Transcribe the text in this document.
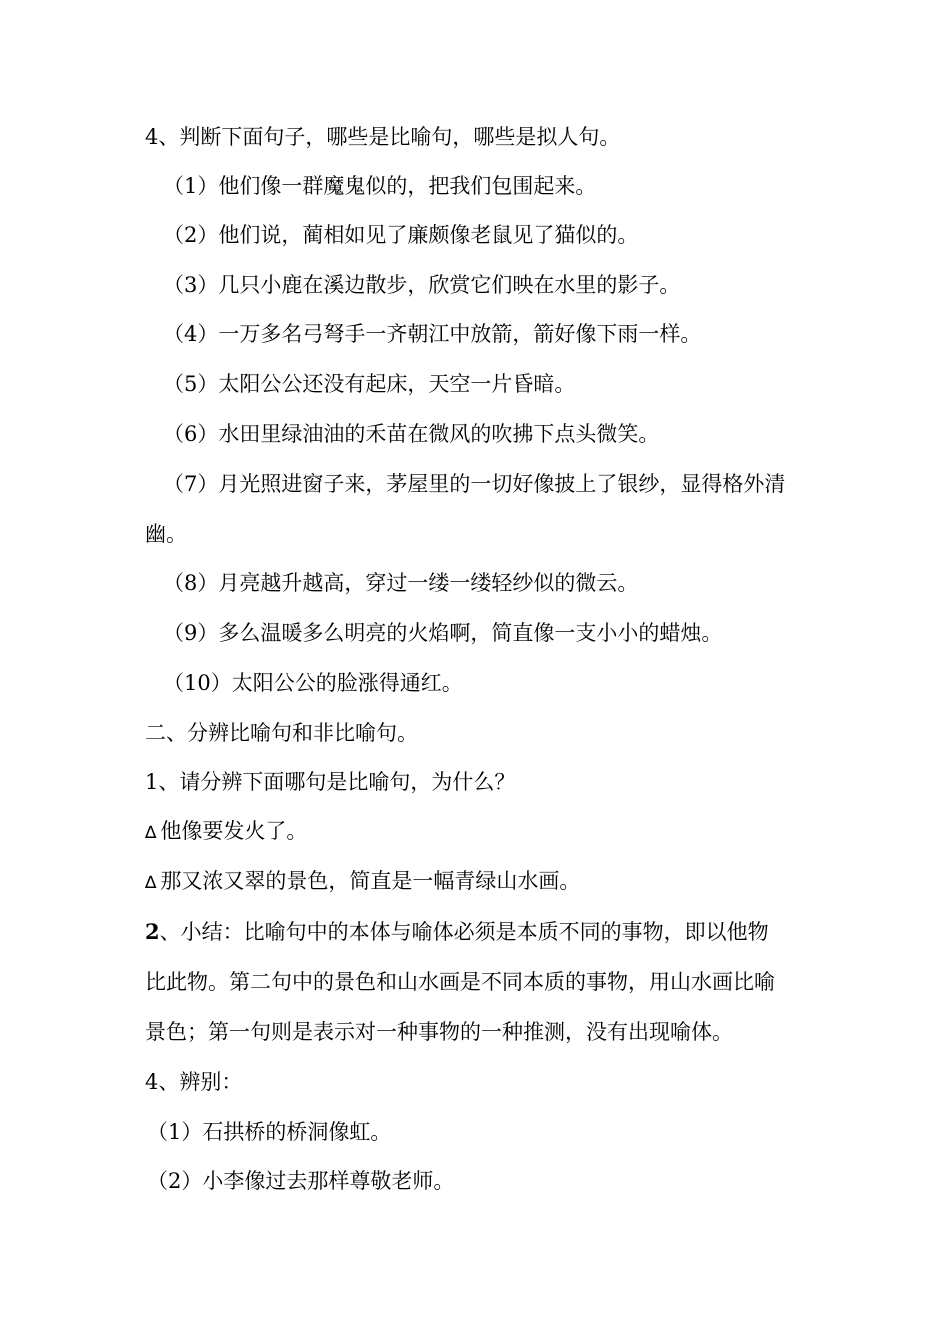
4、判断下面句子，哪些是比喻句，哪些是拟人句。
（1）他们像一群魔鬼似的，把我们包围起来。
（2）他们说，蔺相如见了廉颇像老鼠见了猫似的。
（3）几只小鹿在溪边散步，欣赏它们映在水里的影子。
（4）一万多名弓弩手一齐朝江中放箭，箭好像下雨一样。
（5）太阳公公还没有起床，天空一片昏暗。
（6）水田里绿油油的禾苗在微风的吹拂下点头微笑。
（7）月光照进窗子来，茅屋里的一切好像披上了银纱，显得格外清
幽。
（8）月亮越升越高，穿过一缕一缕轻纱似的微云。
（9）多么温暖多么明亮的火焰啊，简直像一支小小的蜡烛。
（10）太阳公公的脸涨得通红。
二、分辨比喻句和非比喻句。
1、请分辨下面哪句是比喻句，为什么？
∆ 他像要发火了。
∆ 那又浓又翠的景色，简直是一幅青绿山水画。
2、小结：比喻句中的本体与喻体必须是本质不同的事物，即以他物
比此物。第二句中的景色和山水画是不同本质的事物，用山水画比喻
景色；第一句则是表示对一种事物的一种推测，没有出现喻体。
4、辨别：
（1）石拱桥的桥洞像虹。
（2）小李像过去那样尊敬老师。
